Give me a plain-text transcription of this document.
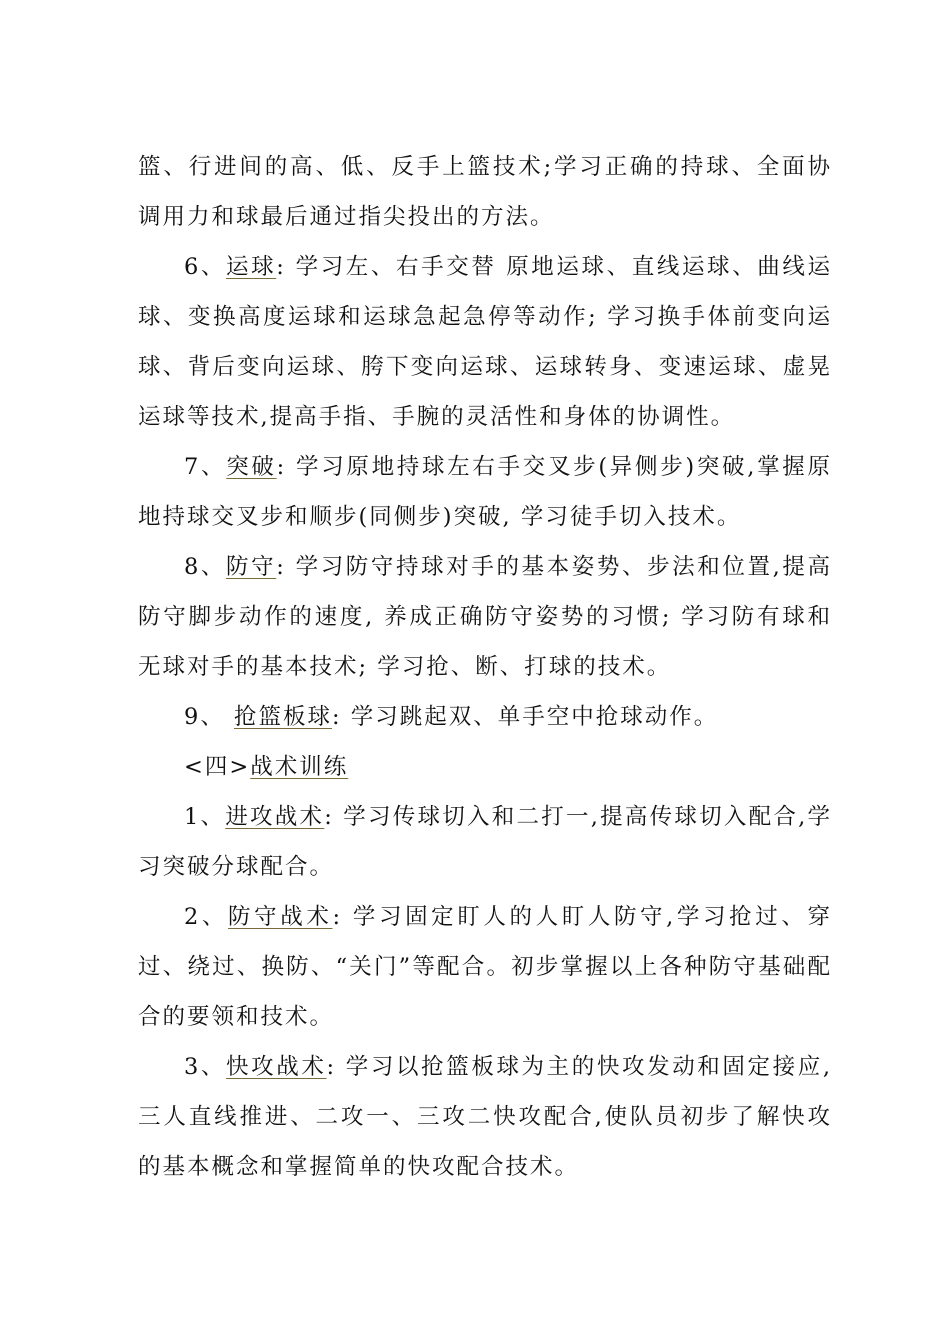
篮、行进间的高、低、反手上篮技术;学习正确的持球、全面协调用力和球最后通过指尖投出的方法。

6、运球: 学习左、右手交替 原地运球、直线运球、曲线运球、变换高度运球和运球急起急停等动作; 学习换手体前变向运球、背后变向运球、胯下变向运球、运球转身、变速运球、虚晃运球等技术,提高手指、手腕的灵活性和身体的协调性。

7、突破: 学习原地持球左右手交叉步(异侧步)突破,掌握原地持球交叉步和顺步(同侧步)突破, 学习徒手切入技术。

8、防守: 学习防守持球对手的基本姿势、步法和位置,提高防守脚步动作的速度, 养成正确防守姿势的习惯; 学习防有球和无球对手的基本技术; 学习抢、断、打球的技术。

9、 抢篮板球: 学习跳起双、单手空中抢球动作。

<四>战术训练

1、进攻战术: 学习传球切入和二打一,提高传球切入配合,学习突破分球配合。

2、防守战术: 学习固定盯人的人盯人防守,学习抢过、穿过、绕过、换防、“关门”等配合。初步掌握以上各种防守基础配合的要领和技术。

3、快攻战术: 学习以抢篮板球为主的快攻发动和固定接应, 三人直线推进、二攻一、三攻二快攻配合,使队员初步了解快攻的基本概念和掌握简单的快攻配合技术。
